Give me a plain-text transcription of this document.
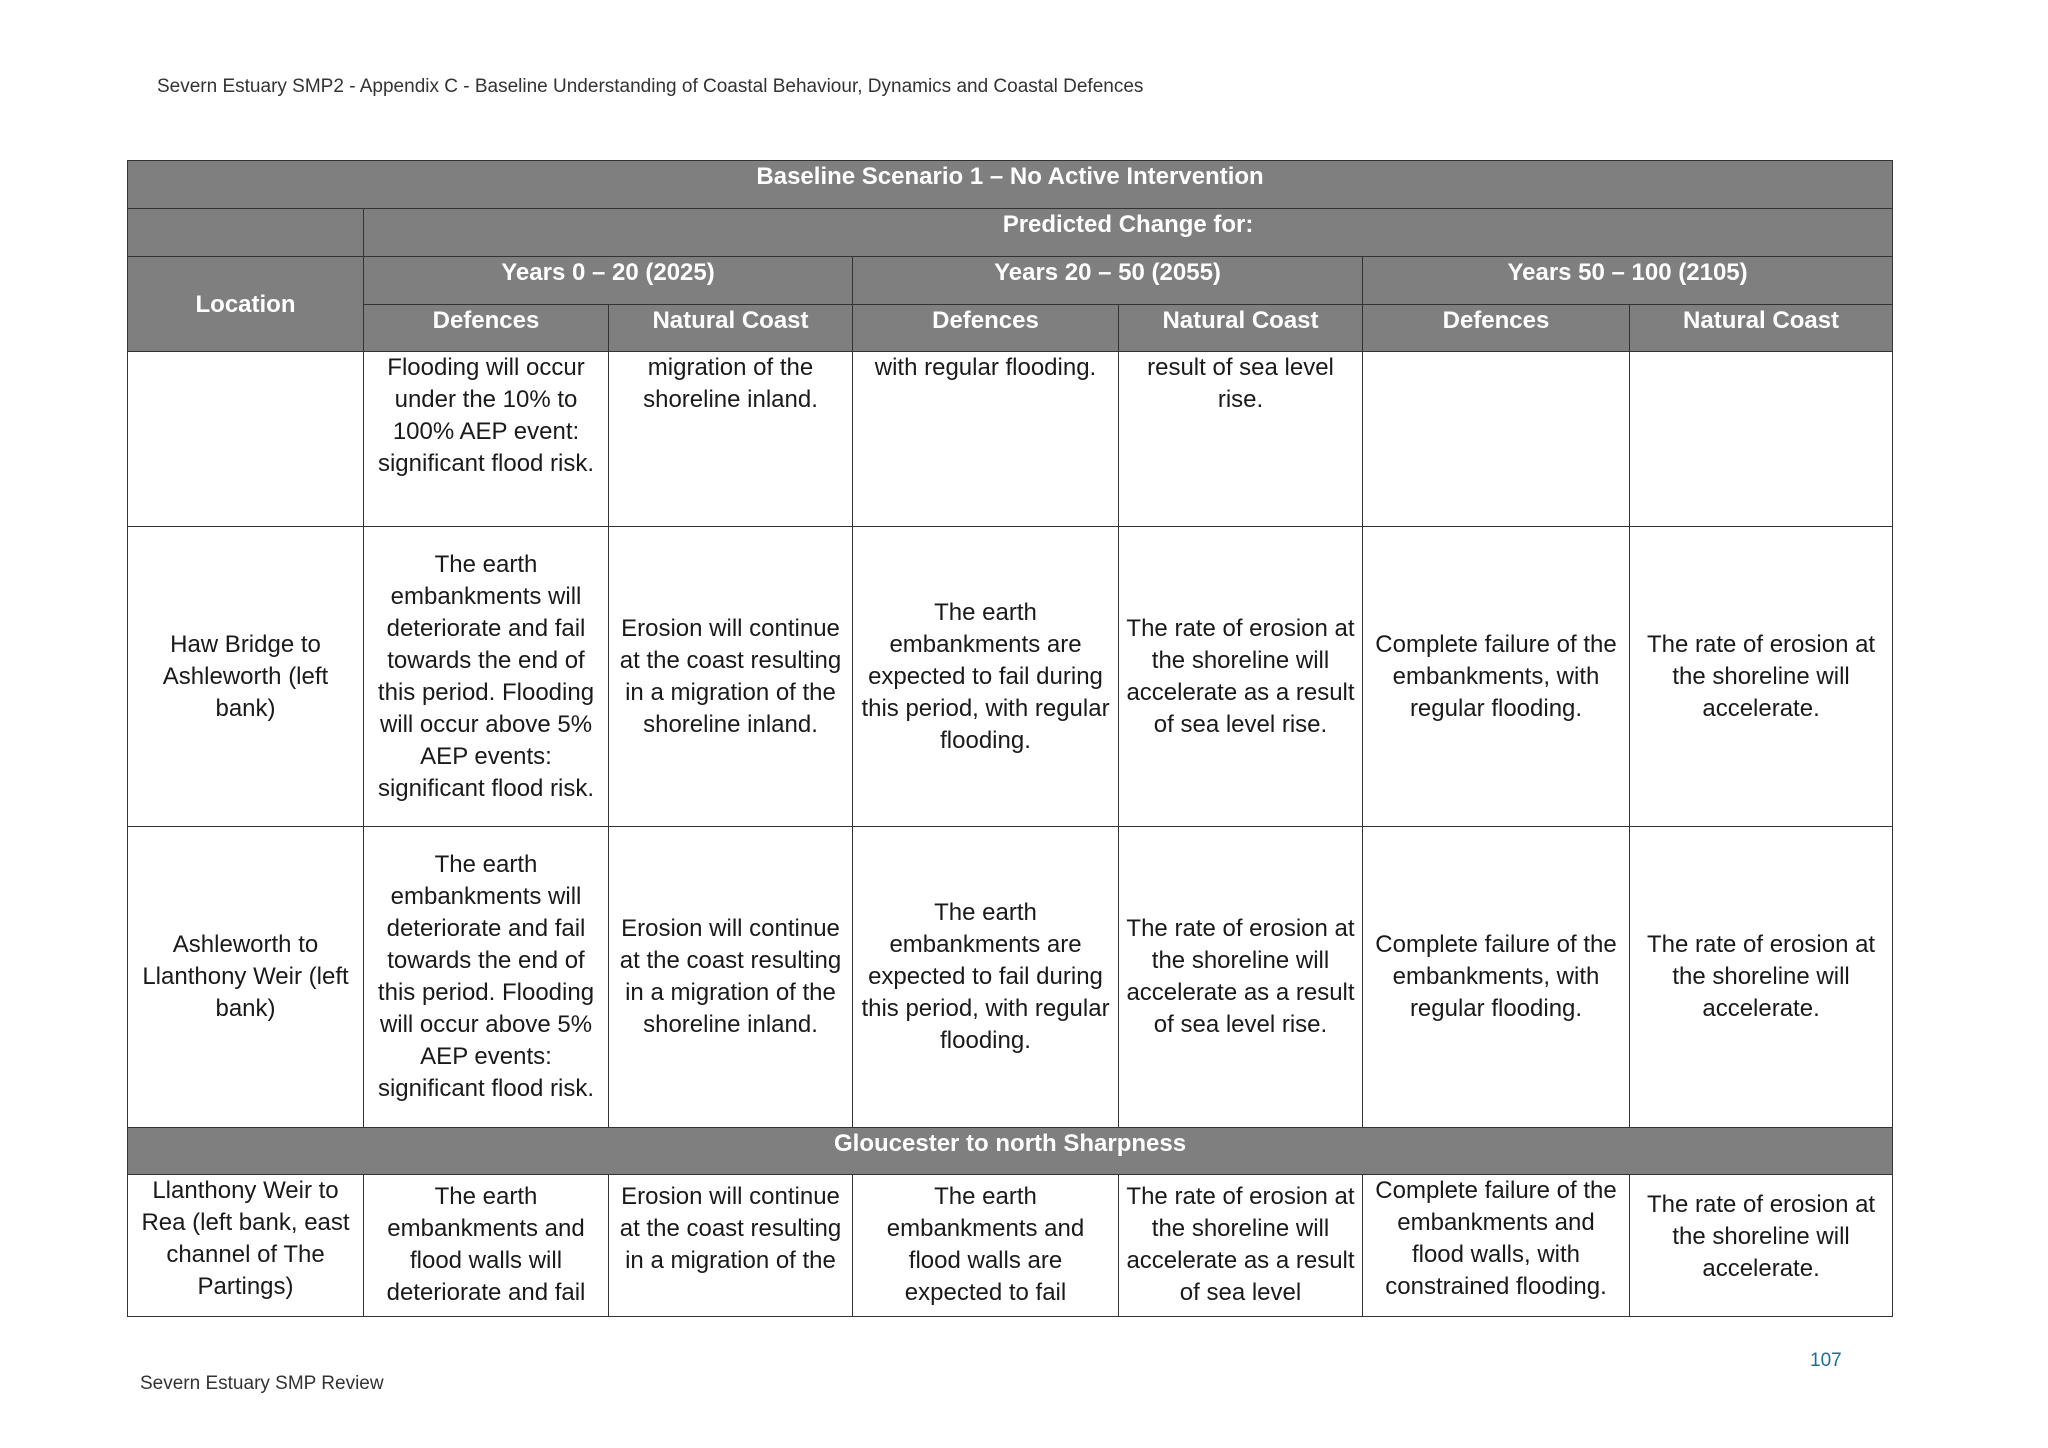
Severn Estuary SMP2 - Appendix C - Baseline Understanding of Coastal Behaviour, Dynamics and Coastal Defences
Baseline Scenario 1 – No Active Intervention						
	Predicted Change for:					
Location	Years 0 – 20 (2025)		Years 20 – 50 (2055)		Years 50 – 100 (2105)	
	Defences	Natural Coast	Defences	Natural Coast	Defences	Natural Coast
	Flooding will occur under the 10% to 100% AEP event: significant flood risk.	migration of the shoreline inland.	with regular flooding.	result of sea level rise.		
Haw Bridge to Ashleworth (left bank)	The earth embankments will deteriorate and fail towards the end of this period. Flooding will occur above 5% AEP events: significant flood risk.	Erosion will continue at the coast resulting in a migration of the shoreline inland.	The earth embankments are expected to fail during this period, with regular flooding.	The rate of erosion at the shoreline will accelerate as a result of sea level rise.	Complete failure of the embankments, with regular flooding.	The rate of erosion at the shoreline will accelerate.
Ashleworth to Llanthony Weir (left bank)	The earth embankments will deteriorate and fail towards the end of this period. Flooding will occur above 5% AEP events: significant flood risk.	Erosion will continue at the coast resulting in a migration of the shoreline inland.	The earth embankments are expected to fail during this period, with regular flooding.	The rate of erosion at the shoreline will accelerate as a result of sea level rise.	Complete failure of the embankments, with regular flooding.	The rate of erosion at the shoreline will accelerate.
Gloucester to north Sharpness						
Llanthony Weir to Rea (left bank, east channel of The Partings)	The earth embankments and flood walls will deteriorate and fail	Erosion will continue at the coast resulting in a migration of the	The earth embankments and flood walls are expected to fail	The rate of erosion at the shoreline will accelerate as a result of sea level	Complete failure of the embankments and flood walls, with constrained flooding.	The rate of erosion at the shoreline will accelerate.
107
Severn Estuary SMP Review
